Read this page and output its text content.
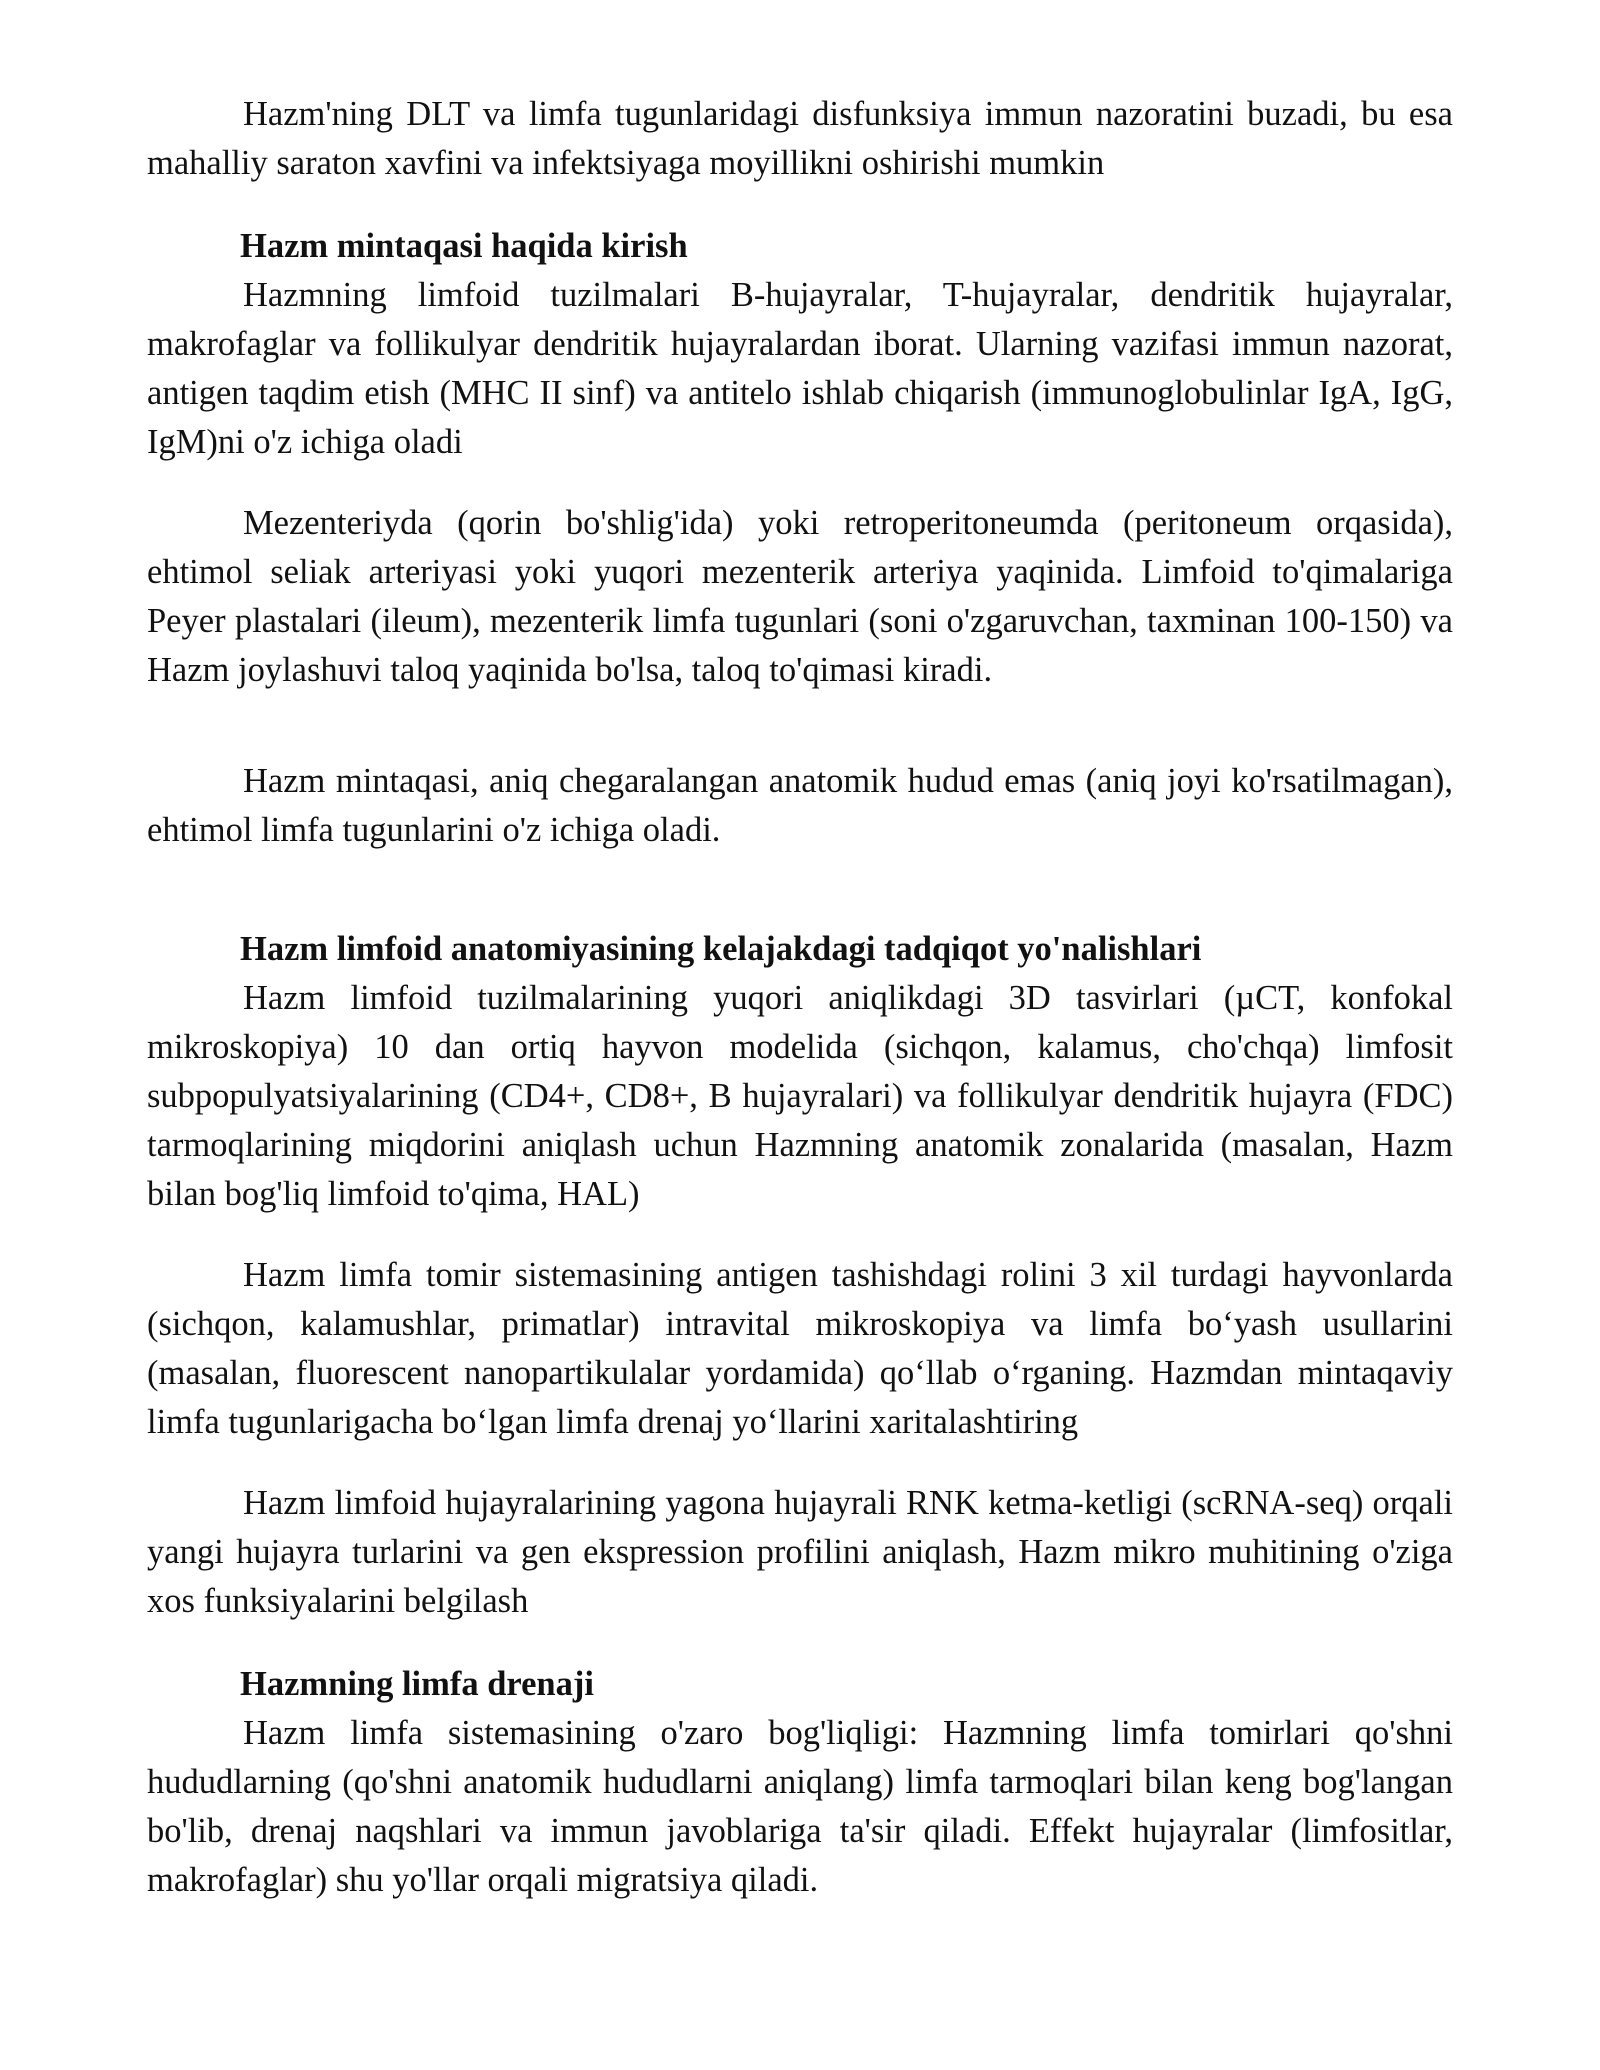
Hazm'ning DLT va limfa tugunlaridagi disfunksiya immun nazoratini buzadi, bu esa mahalliy saraton xavfini va infektsiyaga moyillikni oshirishi mumkin

Hazm mintaqasi haqida kirish

Hazmning limfoid tuzilmalari B-hujayralar, T-hujayralar, dendritik hujayralar, makrofaglar va follikulyar dendritik hujayralardan iborat. Ularning vazifasi immun nazorat, antigen taqdim etish (MHC II sinf) va antitelo ishlab chiqarish (immunoglobulinlar IgA, IgG, IgM)ni o'z ichiga oladi

Mezenteriyda (qorin bo'shlig'ida) yoki retroperitoneumda (peritoneum orqasida), ehtimol seliak arteriyasi yoki yuqori mezenterik arteriya yaqinida. Limfoid to'qimalariga Peyer plastalari (ileum), mezenterik limfa tugunlari (soni o'zgaruvchan, taxminan 100-150) va Hazm joylashuvi taloq yaqinida bo'lsa, taloq to'qimasi kiradi.

Hazm mintaqasi, aniq chegaralangan anatomik hudud emas (aniq joyi ko'rsatilmagan), ehtimol limfa tugunlarini o'z ichiga oladi.

Hazm limfoid anatomiyasining kelajakdagi tadqiqot yo'nalishlari

Hazm limfoid tuzilmalarining yuqori aniqlikdagi 3D tasvirlari (µCT, konfokal mikroskopiya) 10 dan ortiq hayvon modelida (sichqon, kalamus, cho'chqa) limfosit subpopulyatsiyalarining (CD4+, CD8+, B hujayralari) va follikulyar dendritik hujayra (FDC) tarmoqlarining miqdorini aniqlash uchun Hazmning anatomik zonalarida (masalan, Hazm bilan bog'liq limfoid to'qima, HAL)

Hazm limfa tomir sistemasining antigen tashishdagi rolini 3 xil turdagi hayvonlarda (sichqon, kalamushlar, primatlar) intravital mikroskopiya va limfa bo‘yash usullarini (masalan, fluorescent nanopartikulalar yordamida) qo‘llab o‘rganing. Hazmdan mintaqaviy limfa tugunlarigacha bo‘lgan limfa drenaj yo‘llarini xaritalashtiring

Hazm limfoid hujayralarining yagona hujayrali RNK ketma-ketligi (scRNA-seq) orqali yangi hujayra turlarini va gen ekspression profilini aniqlash, Hazm mikro muhitining o'ziga xos funksiyalarini belgilash

Hazmning limfa drenaji

Hazm limfa sistemasining o'zaro bog'liqligi: Hazmning limfa tomirlari qo'shni hududlarning (qo'shni anatomik hududlarni aniqlang) limfa tarmoqlari bilan keng bog'langan bo'lib, drenaj naqshlari va immun javoblariga ta'sir qiladi. Effekt hujayralar (limfositlar, makrofaglar) shu yo'llar orqali migratsiya qiladi.
